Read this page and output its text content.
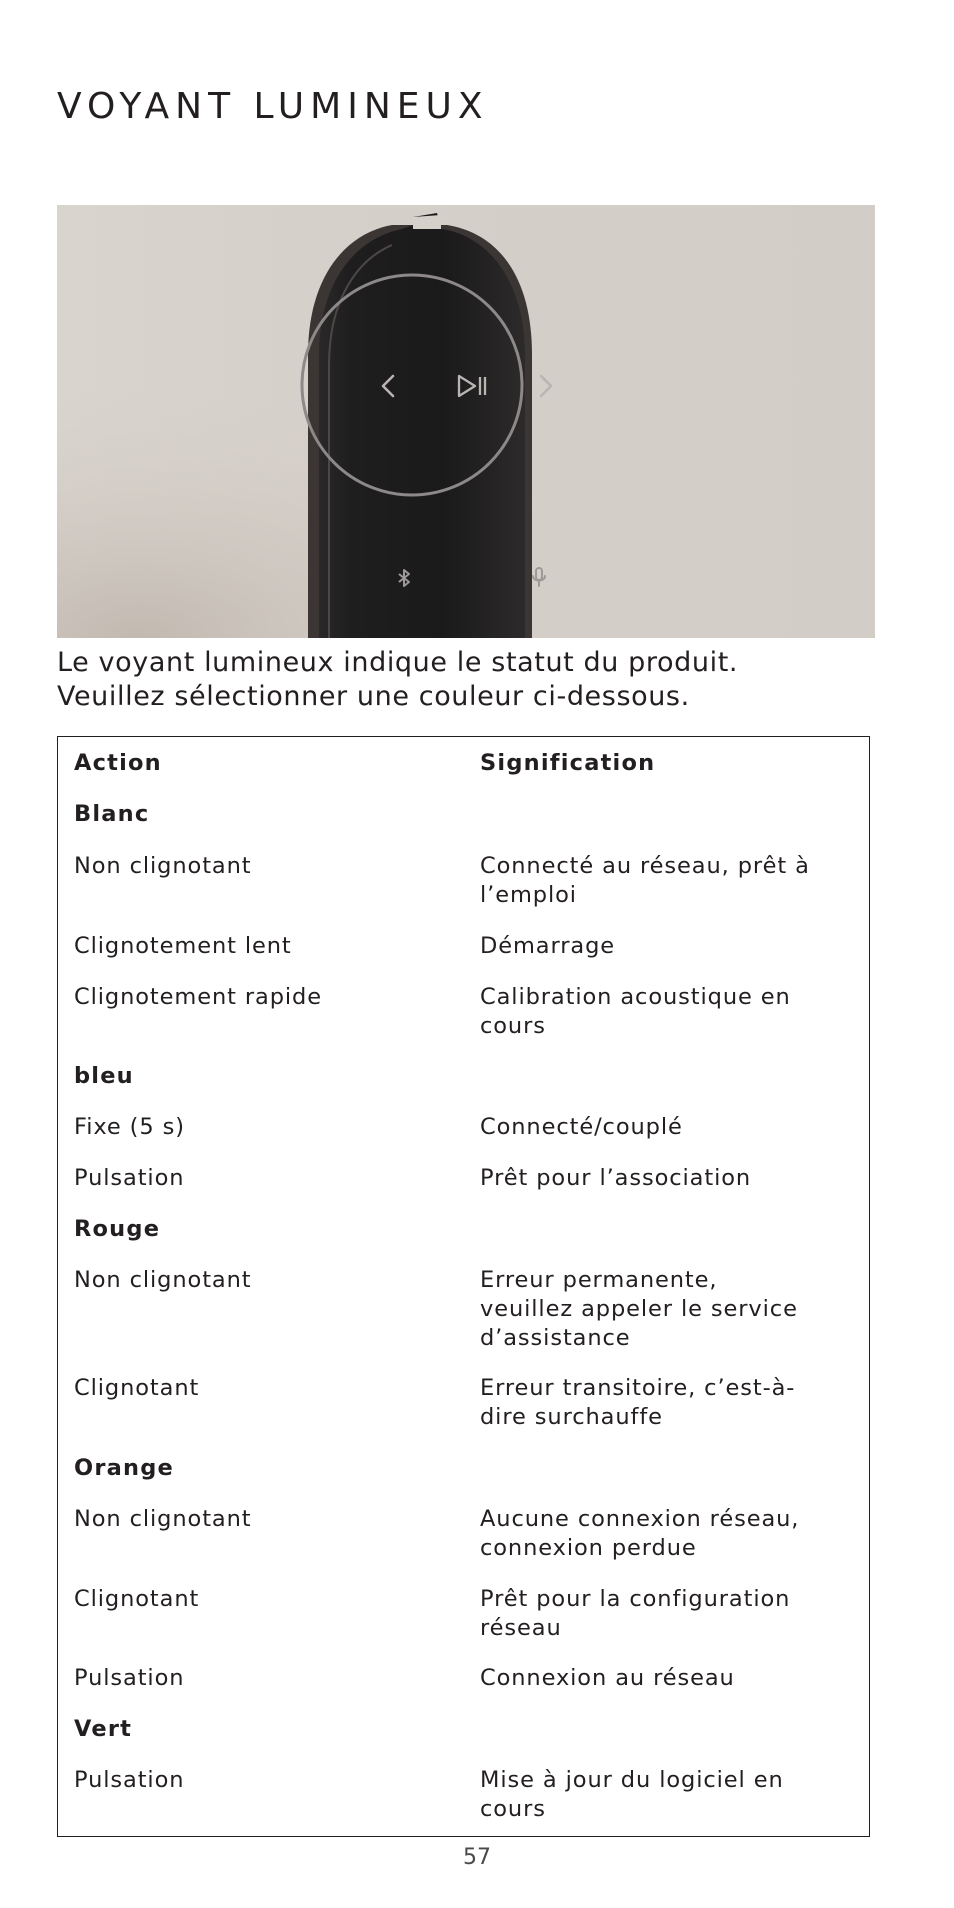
VOYANT LUMINEUX

Le voyant lumineux indique le statut du produit.
Veuillez sélectionner une couleur ci-dessous.

Action	Signification
Blanc
Non clignotant	Connecté au réseau, prêt à
l’emploi
Clignotement lent	Démarrage
Clignotement rapide	Calibration acoustique en
cours
bleu
Fixe (5 s)	Connecté/couplé
Pulsation	Prêt pour l’association
Rouge
Non clignotant	Erreur permanente,
veuillez appeler le service
d’assistance
Clignotant	Erreur transitoire, c’est-à-
dire surchauffe
Orange
Non clignotant	Aucune connexion réseau,
connexion perdue
Clignotant	Prêt pour la configuration
réseau
Pulsation	Connexion au réseau
Vert
Pulsation	Mise à jour du logiciel en
cours
57
